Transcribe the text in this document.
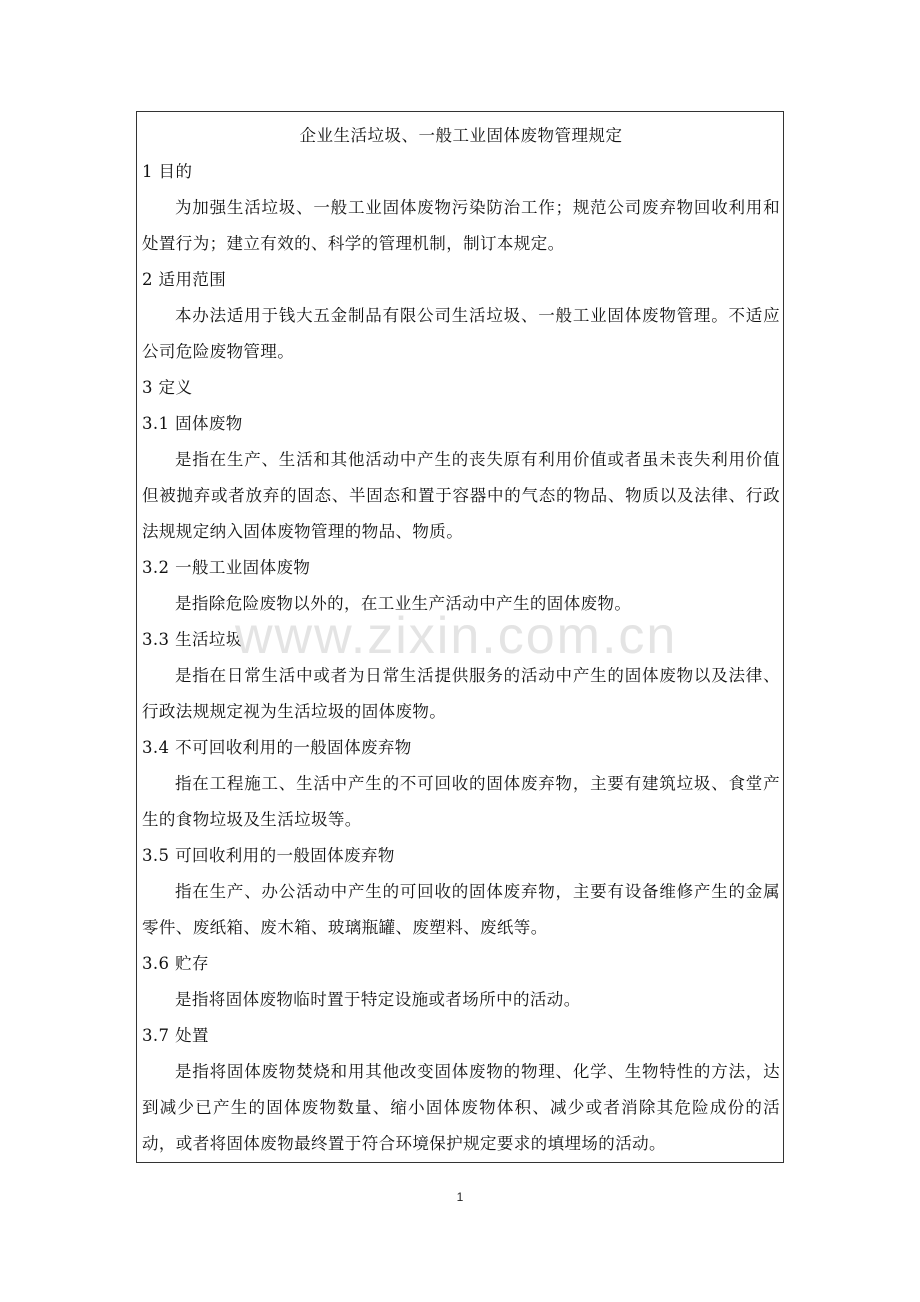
企业生活垃圾、一般工业固体废物管理规定

1 目的

为加强生活垃圾、一般工业固体废物污染防治工作；规范公司废弃物回收利用和处置行为；建立有效的、科学的管理机制，制订本规定。

2 适用范围

本办法适用于钱大五金制品有限公司生活垃圾、一般工业固体废物管理。不适应公司危险废物管理。

3 定义

3.1 固体废物

是指在生产、生活和其他活动中产生的丧失原有利用价值或者虽未丧失利用价值但被抛弃或者放弃的固态、半固态和置于容器中的气态的物品、物质以及法律、行政法规规定纳入固体废物管理的物品、物质。

3.2 一般工业固体废物

是指除危险废物以外的，在工业生产活动中产生的固体废物。

3.3 生活垃圾

是指在日常生活中或者为日常生活提供服务的活动中产生的固体废物以及法律、行政法规规定视为生活垃圾的固体废物。

3.4 不可回收利用的一般固体废弃物

指在工程施工、生活中产生的不可回收的固体废弃物，主要有建筑垃圾、食堂产生的食物垃圾及生活垃圾等。

3.5 可回收利用的一般固体废弃物

指在生产、办公活动中产生的可回收的固体废弃物，主要有设备维修产生的金属零件、废纸箱、废木箱、玻璃瓶罐、废塑料、废纸等。

3.6 贮存

是指将固体废物临时置于特定设施或者场所中的活动。

3.7 处置

是指将固体废物焚烧和用其他改变固体废物的物理、化学、生物特性的方法，达到减少已产生的固体废物数量、缩小固体废物体积、减少或者消除其危险成份的活动，或者将固体废物最终置于符合环境保护规定要求的填埋场的活动。

www.zixin.com.cn
1
